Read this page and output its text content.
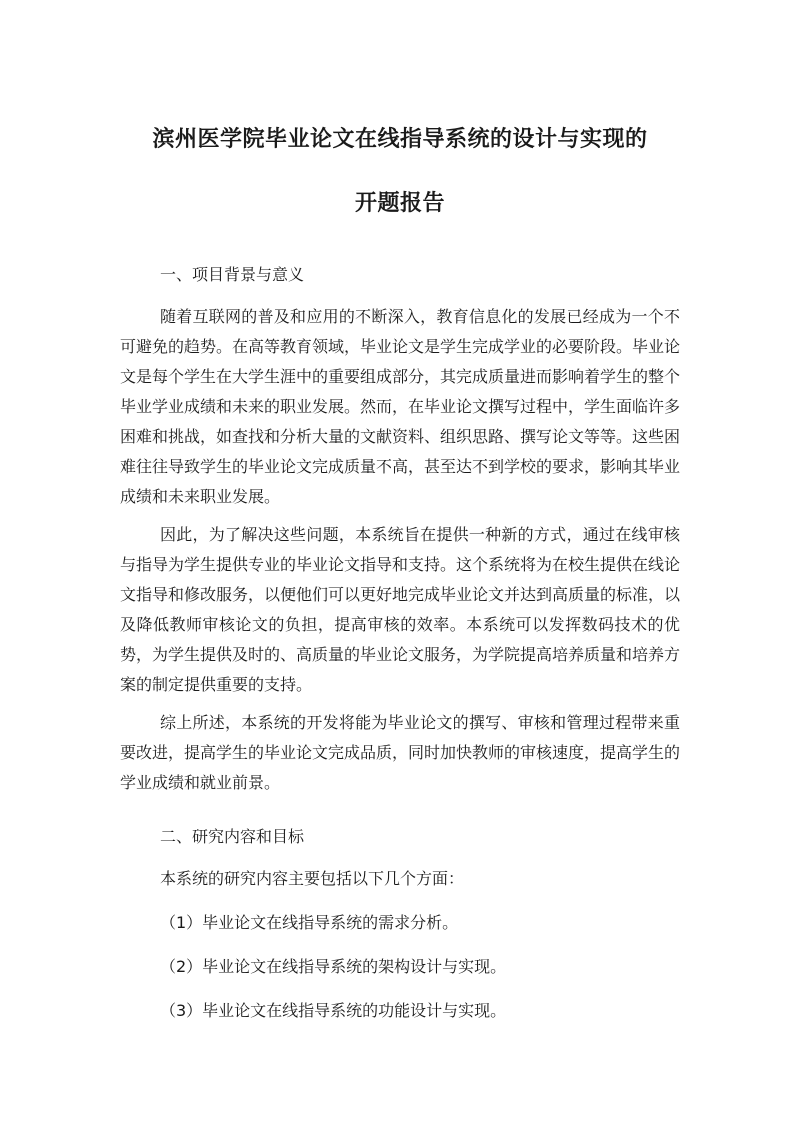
滨州医学院毕业论文在线指导系统的设计与实现的
开题报告

一、项目背景与意义

随着互联网的普及和应用的不断深入，教育信息化的发展已经成为一个不可避免的趋势。在高等教育领域，毕业论文是学生完成学业的必要阶段。毕业论文是每个学生在大学生涯中的重要组成部分，其完成质量进而影响着学生的整个毕业学业成绩和未来的职业发展。然而，在毕业论文撰写过程中，学生面临许多困难和挑战，如查找和分析大量的文献资料、组织思路、撰写论文等等。这些困难往往导致学生的毕业论文完成质量不高，甚至达不到学校的要求，影响其毕业成绩和未来职业发展。

因此，为了解决这些问题，本系统旨在提供一种新的方式，通过在线审核与指导为学生提供专业的毕业论文指导和支持。这个系统将为在校生提供在线论文指导和修改服务，以便他们可以更好地完成毕业论文并达到高质量的标准，以及降低教师审核论文的负担，提高审核的效率。本系统可以发挥数码技术的优势，为学生提供及时的、高质量的毕业论文服务，为学院提高培养质量和培养方案的制定提供重要的支持。

综上所述，本系统的开发将能为毕业论文的撰写、审核和管理过程带来重要改进，提高学生的毕业论文完成品质，同时加快教师的审核速度，提高学生的学业成绩和就业前景。

二、研究内容和目标

本系统的研究内容主要包括以下几个方面：

（1）毕业论文在线指导系统的需求分析。

（2）毕业论文在线指导系统的架构设计与实现。

（3）毕业论文在线指导系统的功能设计与实现。
